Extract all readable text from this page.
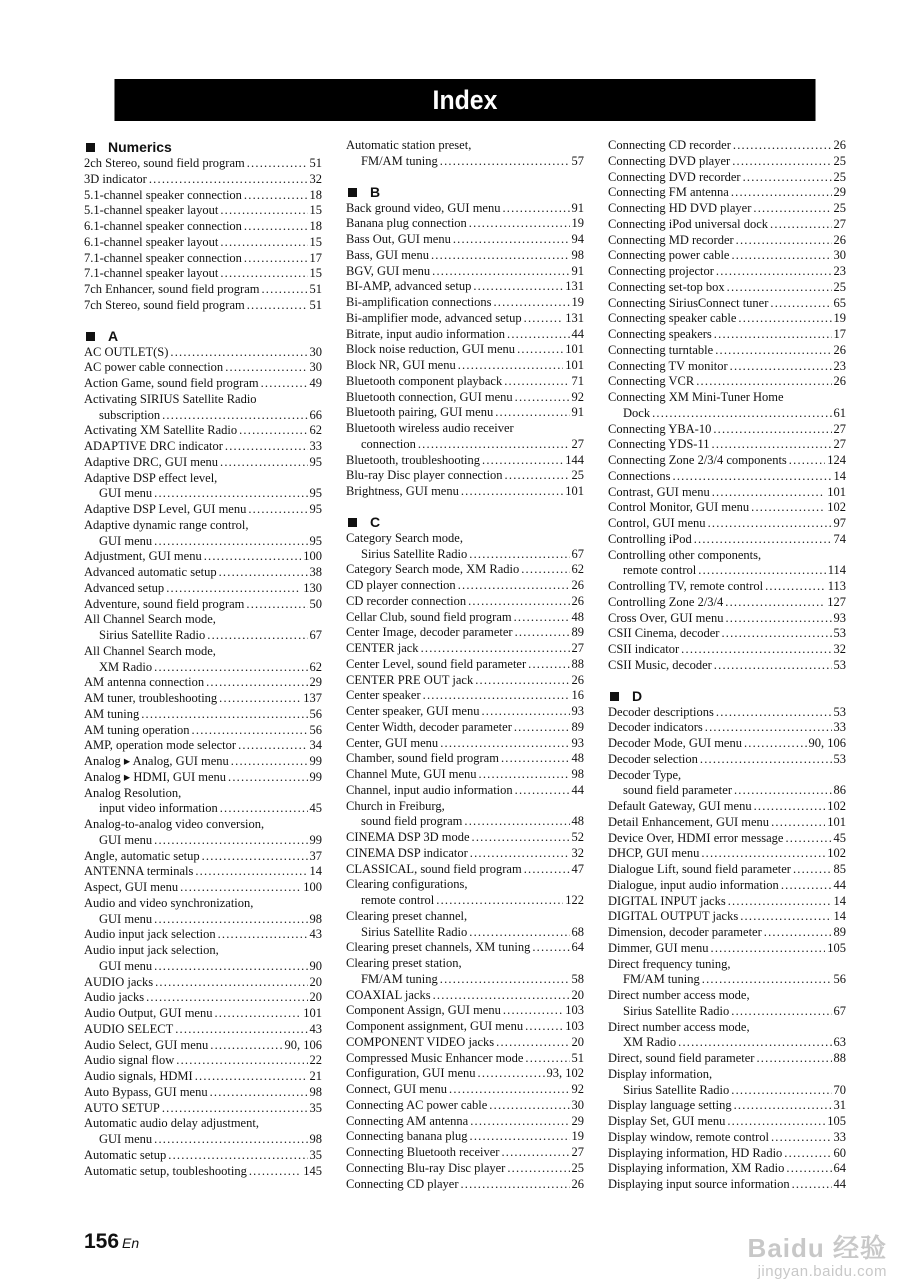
Index
Numerics
2ch Stereo, sound field program .....	51
3D indicator .....	32
5.1-channel speaker connection .....	18
5.1-channel speaker layout .....	15
6.1-channel speaker connection .....	18
6.1-channel speaker layout .....	15
7.1-channel speaker connection .....	17
7.1-channel speaker layout .....	15
7ch Enhancer, sound field program .....	51
7ch Stereo, sound field program .....	51
A
AC OUTLET(S) .....	30
AC power cable connection .....	30
Action Game, sound field program .....	49
Activating SIRIUS Satellite Radio
subscription .....	66
Activating XM Satellite Radio .....	62
ADAPTIVE DRC indicator .....	33
Adaptive DRC, GUI menu .....	95
Adaptive DSP effect level,
GUI menu .....	95
Adaptive DSP Level, GUI menu .....	95
Adaptive dynamic range control,
GUI menu .....	95
Adjustment, GUI menu .....	100
Advanced automatic setup .....	38
Advanced setup .....	130
Adventure, sound field program .....	50
All Channel Search mode,
Sirius Satellite Radio .....	67
All Channel Search mode,
XM Radio .....	62
AM antenna connection .....	29
AM tuner, troubleshooting .....	137
AM tuning .....	56
AM tuning operation .....	56
AMP, operation mode selector .....	34
Analog ▸ Analog, GUI menu .....	99
Analog ▸ HDMI, GUI menu .....	99
Analog Resolution,
input video information .....	45
Analog-to-analog video conversion,
GUI menu .....	99
Angle, automatic setup .....	37
ANTENNA terminals .....	14
Aspect, GUI menu .....	100
Audio and video synchronization,
GUI menu .....	98
Audio input jack selection .....	43
Audio input jack selection,
GUI menu .....	90
AUDIO jacks .....	20
Audio jacks .....	20
Audio Output, GUI menu .....	101
AUDIO SELECT .....	43
Audio Select, GUI menu .....	90, 106
Audio signal flow .....	22
Audio signals, HDMI .....	21
Auto Bypass, GUI menu .....	98
AUTO SETUP .....	35
Automatic audio delay adjustment,
GUI menu .....	98
Automatic setup .....	35
Automatic setup, toubleshooting .....	145
Automatic station preset,
FM/AM tuning .....	57
B
Back ground video, GUI menu .....	91
Banana plug connection .....	19
Bass Out, GUI menu .....	94
Bass, GUI menu .....	98
BGV, GUI menu .....	91
BI-AMP, advanced setup .....	131
Bi-amplification connections .....	19
Bi-amplifier mode, advanced setup .....	131
Bitrate, input audio information .....	44
Block noise reduction, GUI menu .....	101
Block NR, GUI menu .....	101
Bluetooth component playback .....	71
Bluetooth connection, GUI menu .....	92
Bluetooth pairing, GUI menu .....	91
Bluetooth wireless audio receiver
connection .....	27
Bluetooth, troubleshooting .....	144
Blu-ray Disc player connection .....	25
Brightness, GUI menu .....	101
C
Category Search mode,
Sirius Satellite Radio .....	67
Category Search mode, XM Radio .....	62
CD player connection .....	26
CD recorder connection .....	26
Cellar Club, sound field program .....	48
Center Image, decoder parameter .....	89
CENTER jack .....	27
Center Level, sound field parameter .....	88
CENTER PRE OUT jack .....	26
Center speaker .....	16
Center speaker, GUI menu .....	93
Center Width, decoder parameter .....	89
Center, GUI menu .....	93
Chamber, sound field program .....	48
Channel Mute, GUI menu .....	98
Channel, input audio information .....	44
Church in Freiburg,
sound field program .....	48
CINEMA DSP 3D mode .....	52
CINEMA DSP indicator .....	32
CLASSICAL, sound field program .....	47
Clearing configurations,
remote control .....	122
Clearing preset channel,
Sirius Satellite Radio .....	68
Clearing preset channels, XM tuning .....	64
Clearing preset station,
FM/AM tuning .....	58
COAXIAL jacks .....	20
Component Assign, GUI menu .....	103
Component assignment, GUI menu .....	103
COMPONENT VIDEO jacks .....	20
Compressed Music Enhancer mode .....	51
Configuration, GUI menu .....	93, 102
Connect, GUI menu .....	92
Connecting AC power cable .....	30
Connecting AM antenna .....	29
Connecting banana plug .....	19
Connecting Bluetooth receiver .....	27
Connecting Blu-ray Disc player .....	25
Connecting CD player .....	26
Connecting CD recorder .....	26
Connecting DVD player .....	25
Connecting DVD recorder .....	25
Connecting FM antenna .....	29
Connecting HD DVD player .....	25
Connecting iPod universal dock .....	27
Connecting MD recorder .....	26
Connecting power cable .....	30
Connecting projector .....	23
Connecting set-top box .....	25
Connecting SiriusConnect tuner .....	65
Connecting speaker cable .....	19
Connecting speakers .....	17
Connecting turntable .....	26
Connecting TV monitor .....	23
Connecting VCR .....	26
Connecting XM Mini-Tuner Home
Dock .....	61
Connecting YBA-10 .....	27
Connecting YDS-11 .....	27
Connecting Zone 2/3/4 components .....	124
Connections .....	14
Contrast, GUI menu .....	101
Control Monitor, GUI menu .....	102
Control, GUI menu .....	97
Controlling iPod .....	74
Controlling other components,
remote control .....	114
Controlling TV, remote control .....	113
Controlling Zone 2/3/4 .....	127
Cross Over, GUI menu .....	93
CSII Cinema, decoder .....	53
CSII indicator .....	32
CSII Music, decoder .....	53
D
Decoder descriptions .....	53
Decoder indicators .....	33
Decoder Mode, GUI menu .....	90, 106
Decoder selection .....	53
Decoder Type,
sound field parameter .....	86
Default Gateway, GUI menu .....	102
Detail Enhancement, GUI menu .....	101
Device Over, HDMI error message .....	45
DHCP, GUI menu .....	102
Dialogue Lift, sound field parameter .....	85
Dialogue, input audio information .....	44
DIGITAL INPUT jacks .....	14
DIGITAL OUTPUT jacks .....	14
Dimension, decoder parameter .....	89
Dimmer, GUI menu .....	105
Direct frequency tuning,
FM/AM tuning .....	56
Direct number access mode,
Sirius Satellite Radio .....	67
Direct number access mode,
XM Radio .....	63
Direct, sound field parameter .....	88
Display information,
Sirius Satellite Radio .....	70
Display language setting .....	31
Display Set, GUI menu .....	105
Display window, remote control .....	33
Displaying information, HD Radio .....	60
Displaying information, XM Radio .....	64
Displaying input source information .....	44
156 En	Baidu 经验
jingyan.baidu.com
